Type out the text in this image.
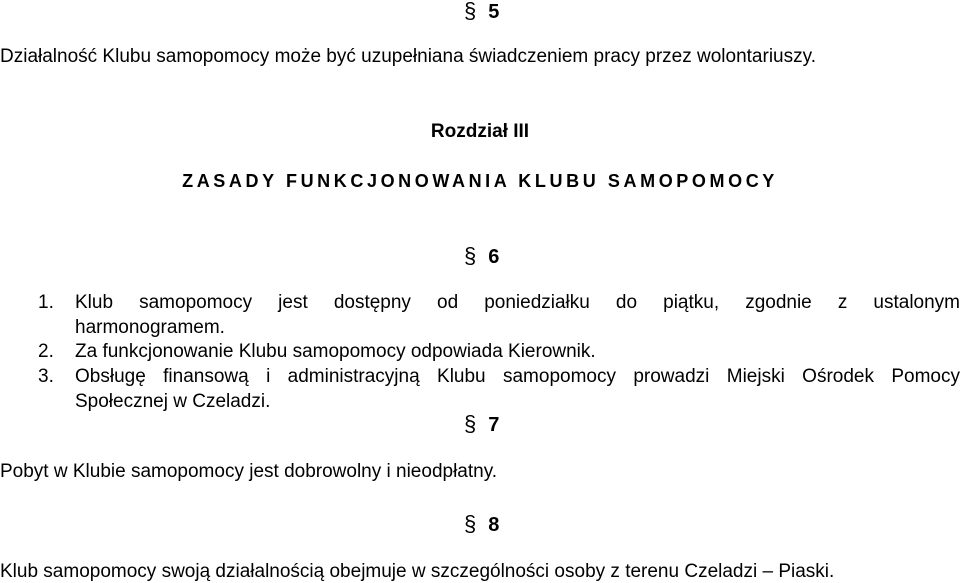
§ 5
Działalność Klubu samopomocy może być uzupełniana świadczeniem pracy przez wolontariuszy.
Rozdział III
ZASADY FUNKCJONOWANIA KLUBU SAMOPOMOCY
§ 6
1. Klub samopomocy jest dostępny od poniedziałku do piątku, zgodnie z ustalonym
harmonogramem.
2. Za funkcjonowanie Klubu samopomocy odpowiada Kierownik.
3. Obsługę finansową i administracyjną Klubu samopomocy prowadzi Miejski Ośrodek Pomocy
Społecznej w Czeladzi.
§ 7
Pobyt w Klubie samopomocy jest dobrowolny i nieodpłatny.
§ 8
Klub samopomocy swoją działalnością obejmuje w szczególności osoby z terenu Czeladzi – Piaski.
